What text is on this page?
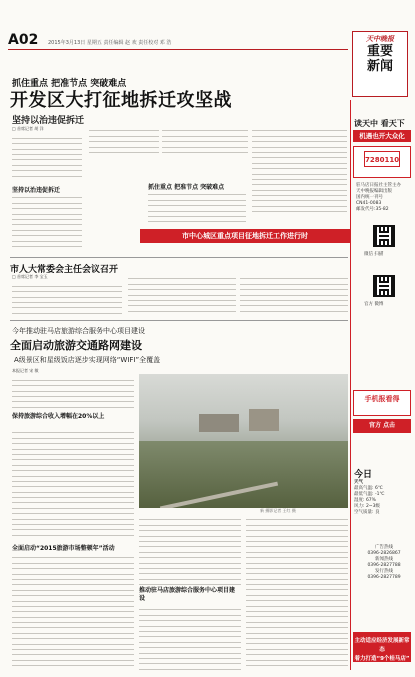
A02 2015年3月13日 星期五 责任编辑 赵 欢 责任校对 邓 浩	天中晚报
重要
新闻
抓住重点 把准节点 突破难点
开发区大打征地拆迁攻坚战
坚持以治违促拆迁
□ 首席记者 胡 洋
坚持以治违促拆迁	抓住重点 把准节点 突破难点
市中心城区重点项目征地拆迁工作进行时
市人大常委会主任会议召开
□ 首席记者 李 宝玉
今年推动驻马店旅游综合服务中心项目建设
全面启动旅游交通路网建设
A级景区和星级饭店逐步实现网络“WIFI”全覆盖
本报记者 宋 敏
保持旅游综合收入增幅在20%以上
全面启动“2015旅游市场整顿年”活动
新 摄影记者 王红 摄
推动驻马店旅游综合服务中心项目建设
读天中 看天下
机遇也开大众化
7280110
驻马店日报社主管主办
天中晚报编辑出版
国内统一刊号
CN41-0083
邮发代号:35-82
微信 扫描
官方 微博
手机报看得
官方 点击
今日
天气
最高气温: 6℃
最低气温: -1℃
湿度: 67%
风力: 2~3级
空气质量: 良
广告热线
0396-2826867
新闻热线
0396-2827788
发行热线
0396-2827789
主动适应经济发展新常态
着力打造“9个桂马店”
